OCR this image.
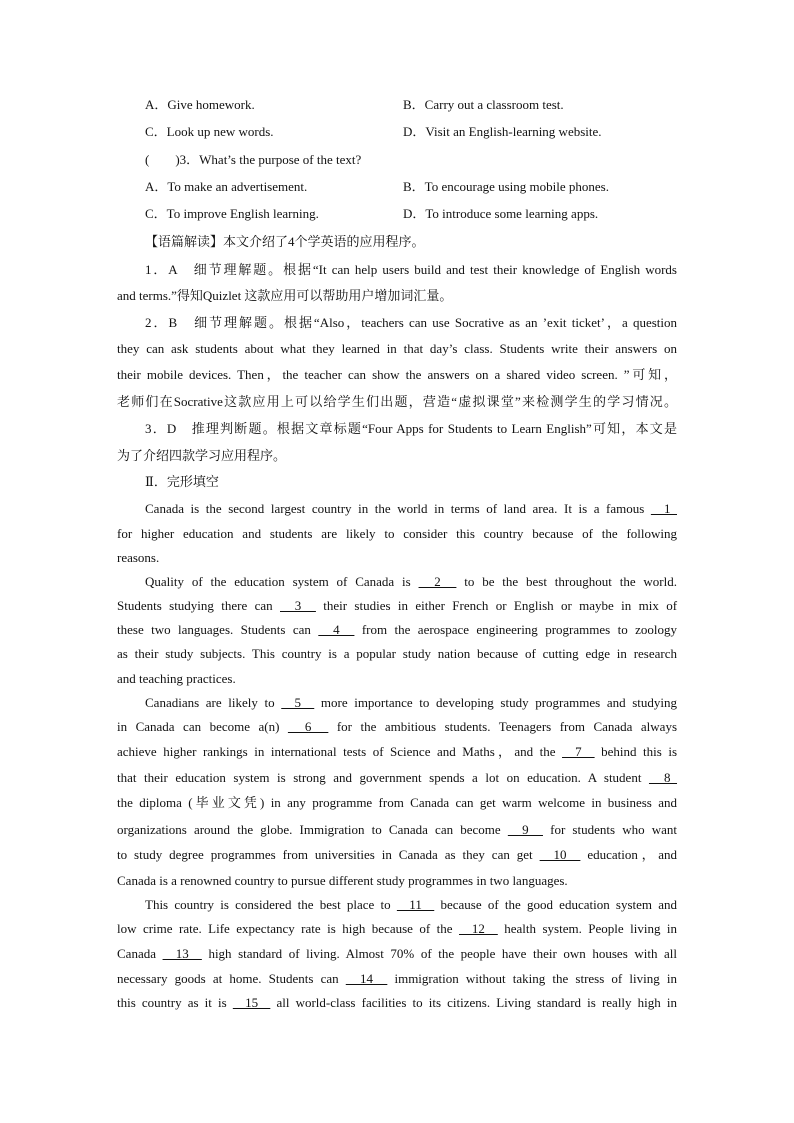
A．Give homework.	B．Carry out a classroom test.
C．Look up new words.	D．Visit an English-learning website.
(　　)3．What’s the purpose of the text?
A．To make an advertisement.	B．To encourage using mobile phones.
C．To improve English learning.	D．To introduce some learning apps.
【语篇解读】本文介绍了4个学英语的应用程序。
1．A　细节理解题。根据“It can help users build and test their knowledge of English words
and terms.”得知Quizlet 这款应用可以帮助用户增加词汇量。
2．B　细节理解题。根据“Also，teachers can use Socrative as an ’exit ticket’，a question
they can ask students about what they learned in that day’s class. Students write their answers on
their mobile devices. Then，the teacher can show the answers on a shared video screen. ”可知，
老师们在Socrative这款应用上可以给学生们出题，营造“虚拟课堂”来检测学生的学习情况。
3．D　推理判断题。根据文章标题“Four Apps for Students to Learn English”可知，本文是
为了介绍四款学习应用程序。
Ⅱ．完形填空
Canada is the second largest country in the world in terms of land area. It is a famous   1
for higher education and students are likely to consider this country because of the following
reasons.
Quality of the education system of Canada is   2   to be the best throughout the world.
Students studying there can   3   their studies in either French or English or maybe in mix of
these two languages. Students can   4   from the aerospace engineering programmes to zoology
as their study subjects. This country is a popular study nation because of cutting edge in research
and teaching practices.
Canadians are likely to   5   more importance to developing study programmes and studying
in Canada can become a(n)   6   for the ambitious students. Teenagers from Canada always
achieve higher rankings in international tests of Science and Maths，and the   7   behind this is
that their education system is strong and government spends a lot on education. A student   8
the diploma (毕业文凭) in any programme from Canada can get warm welcome in business and
organizations around the globe. Immigration to Canada can become   9   for students who want
to study degree programmes from universities in Canada as they can get   10   education，and
Canada is a renowned country to pursue different study programmes in two languages.
This country is considered the best place to   11   because of the good education system and
low crime rate. Life expectancy rate is high because of the   12   health system. People living in
Canada   13   high standard of living. Almost 70% of the people have their own houses with all
necessary goods at home. Students can   14   immigration without taking the stress of living in
this country as it is   15   all world-class facilities to its citizens. Living standard is really high in
